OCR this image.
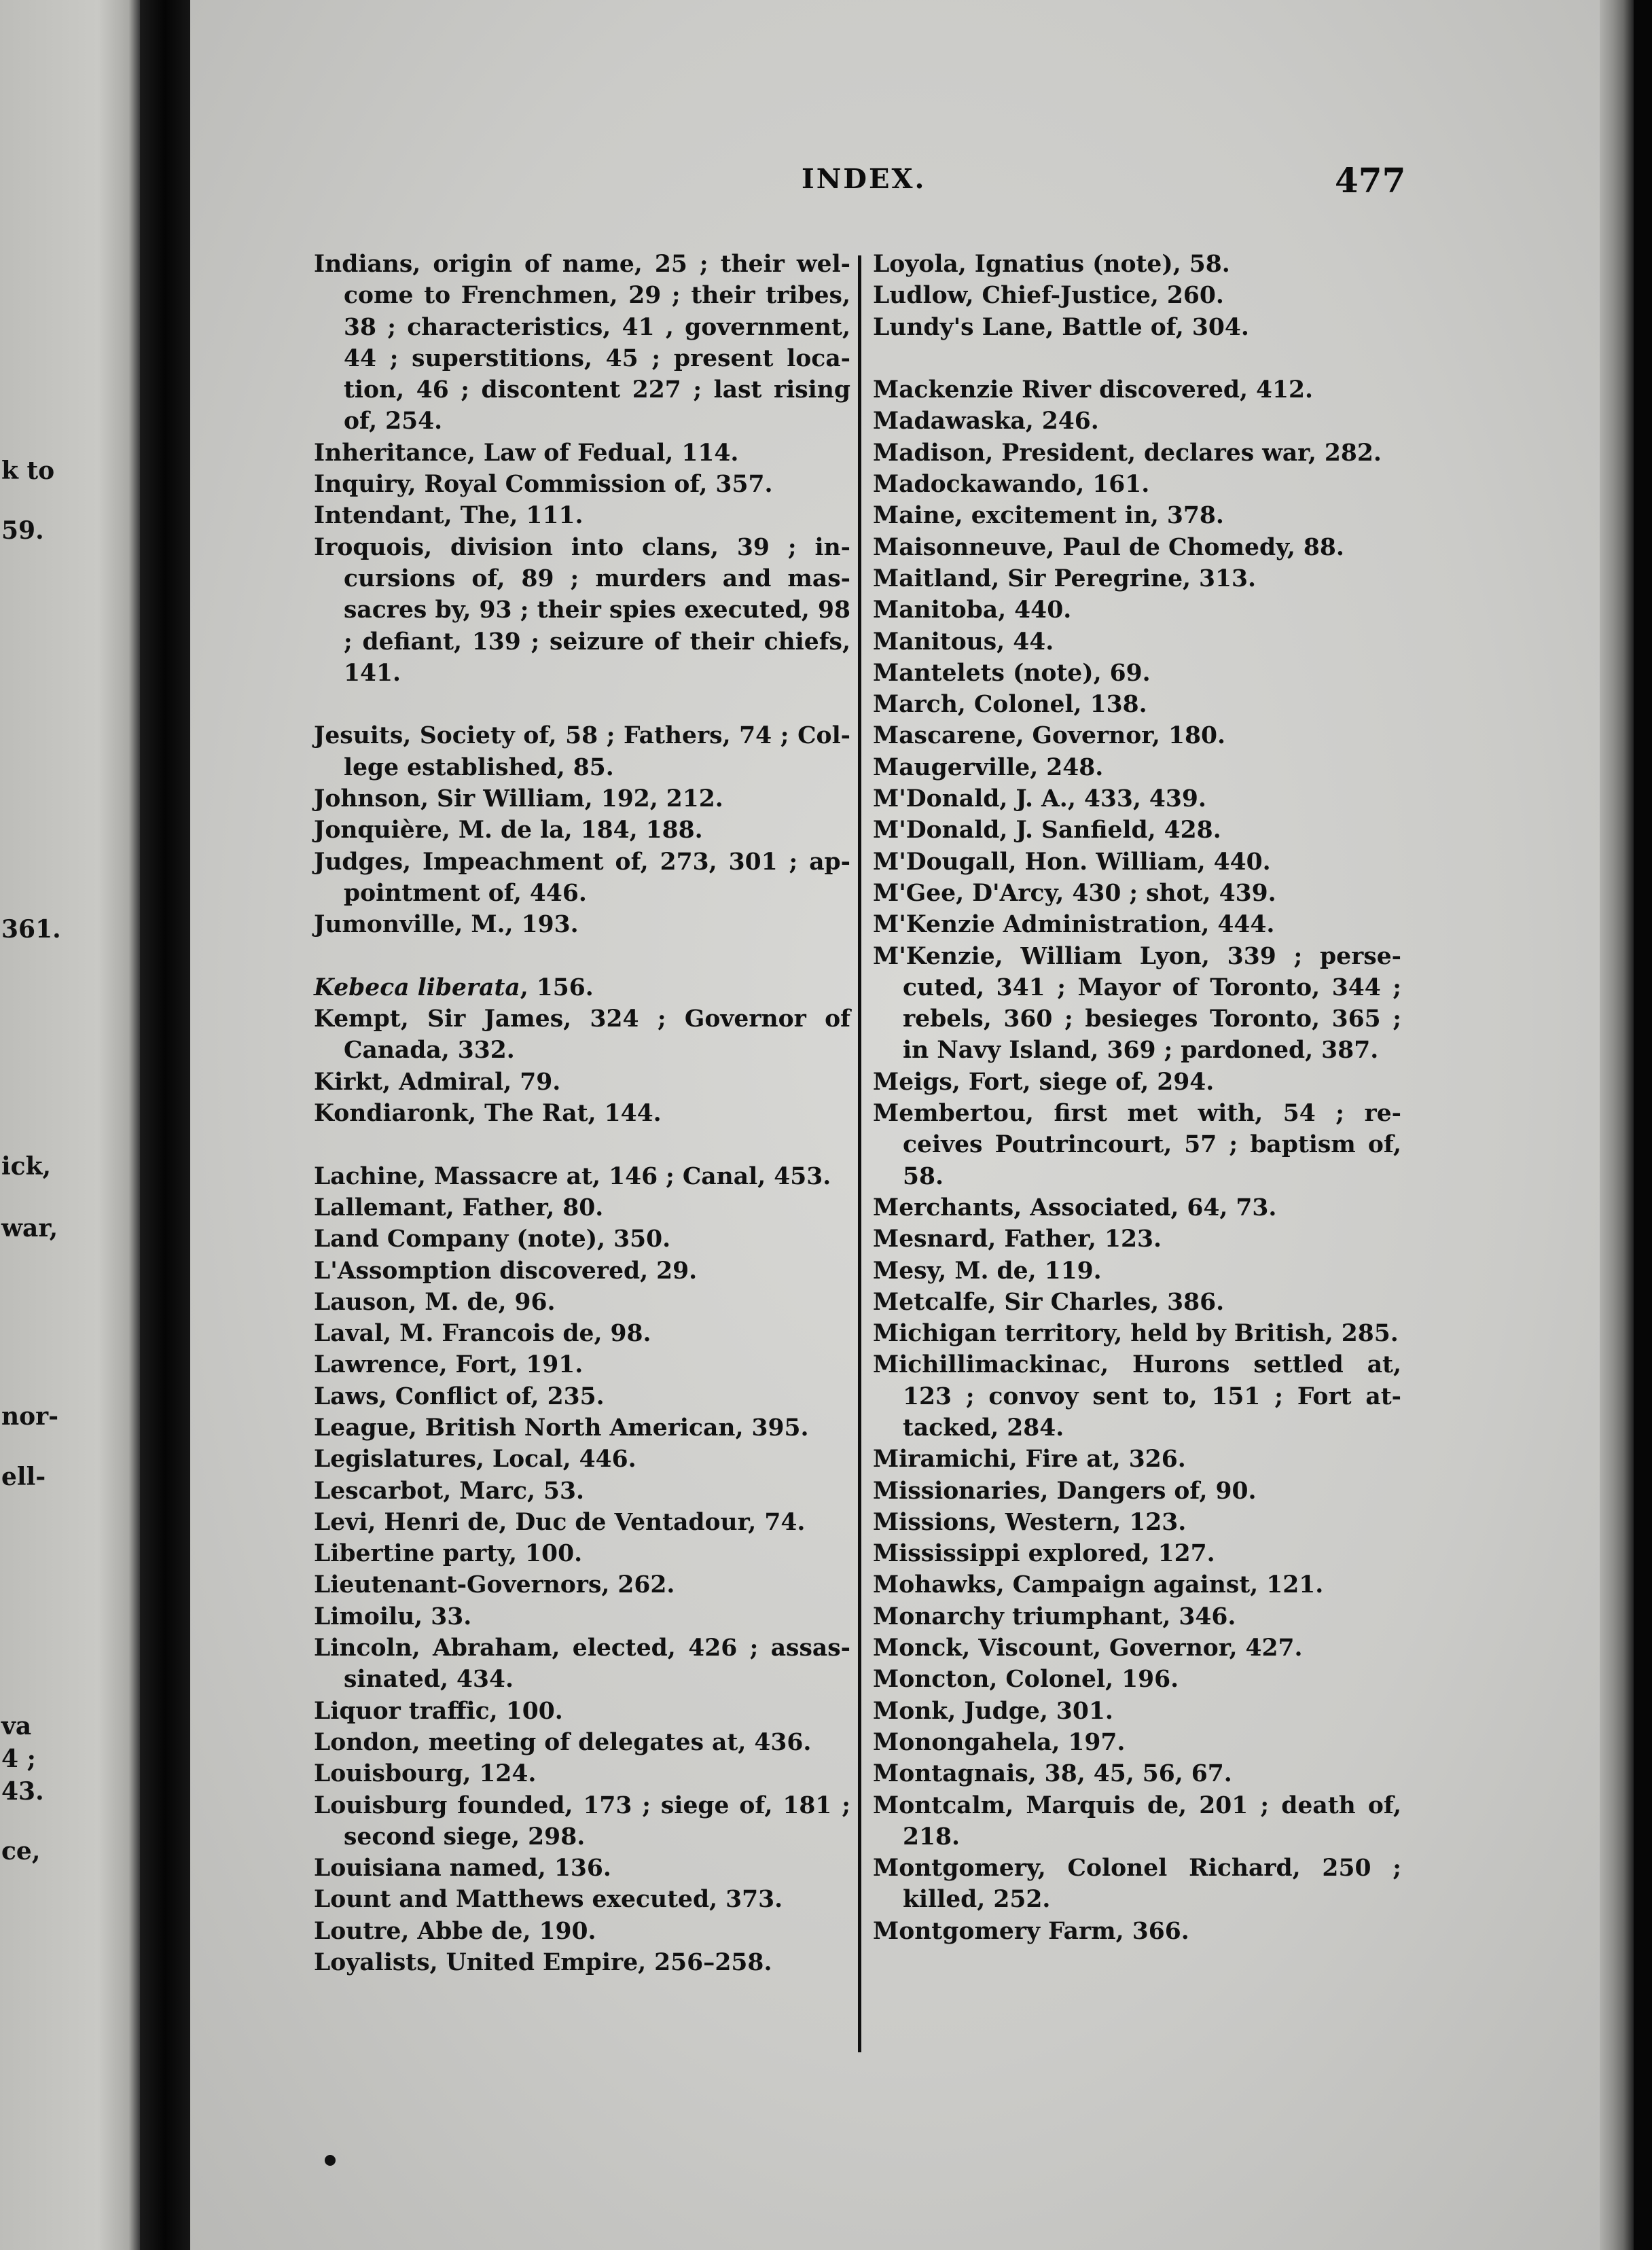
k to
59.
361.
ick,
war,
nor-
ell-
va
4 ;
43.
ce,
INDEX.	477
Indians, origin of name, 25 ; their wel-come to Frenchmen, 29 ; their tribes, 38 ; characteristics, 41 , government, 44 ; superstitions, 45 ; present loca-tion, 46 ; discontent 227 ; last rising of, 254.
Inheritance, Law of Fedual, 114.
Inquiry, Royal Commission of, 357.
Intendant, The, 111.
Iroquois, division into clans, 39 ; in-cursions of, 89 ; murders and mas-sacres by, 93 ; their spies executed, 98 ; defiant, 139 ; seizure of their chiefs, 141.
Jesuits, Society of, 58 ; Fathers, 74 ; Col-lege established, 85.
Johnson, Sir William, 192, 212.
Jonquière, M. de la, 184, 188.
Judges, Impeachment of, 273, 301 ; ap-pointment of, 446.
Jumonville, M., 193.
Kebeca liberata, 156.
Kempt, Sir James, 324 ; Governor of Canada, 332.
Kirkt, Admiral, 79.
Kondiaronk, The Rat, 144.
Lachine, Massacre at, 146 ; Canal, 453.
Lallemant, Father, 80.
Land Company (note), 350.
L'Assomption discovered, 29.
Lauson, M. de, 96.
Laval, M. Francois de, 98.
Lawrence, Fort, 191.
Laws, Conflict of, 235.
League, British North American, 395.
Legislatures, Local, 446.
Lescarbot, Marc, 53.
Levi, Henri de, Duc de Ventadour, 74.
Libertine party, 100.
Lieutenant-Governors, 262.
Limoilu, 33.
Lincoln, Abraham, elected, 426 ; assas-sinated, 434.
Liquor traffic, 100.
London, meeting of delegates at, 436.
Louisbourg, 124.
Louisburg founded, 173 ; siege of, 181 ; second siege, 298.
Louisiana named, 136.
Lount and Matthews executed, 373.
Loutre, Abbe de, 190.
Loyalists, United Empire, 256–258.
Loyola, Ignatius (note), 58.
Ludlow, Chief-Justice, 260.
Lundy's Lane, Battle of, 304.
Mackenzie River discovered, 412.
Madawaska, 246.
Madison, President, declares war, 282.
Madockawando, 161.
Maine, excitement in, 378.
Maisonneuve, Paul de Chomedy, 88.
Maitland, Sir Peregrine, 313.
Manitoba, 440.
Manitous, 44.
Mantelets (note), 69.
March, Colonel, 138.
Mascarene, Governor, 180.
Maugerville, 248.
M'Donald, J. A., 433, 439.
M'Donald, J. Sanfield, 428.
M'Dougall, Hon. William, 440.
M'Gee, D'Arcy, 430 ; shot, 439.
M'Kenzie Administration, 444.
M'Kenzie, William Lyon, 339 ; perse-cuted, 341 ; Mayor of Toronto, 344 ; rebels, 360 ; besieges Toronto, 365 ; in Navy Island, 369 ; pardoned, 387.
Meigs, Fort, siege of, 294.
Membertou, first met with, 54 ; re-ceives Poutrincourt, 57 ; baptism of, 58.
Merchants, Associated, 64, 73.
Mesnard, Father, 123.
Mesy, M. de, 119.
Metcalfe, Sir Charles, 386.
Michigan territory, held by British, 285.
Michillimackinac, Hurons settled at, 123 ; convoy sent to, 151 ; Fort at-tacked, 284.
Miramichi, Fire at, 326.
Missionaries, Dangers of, 90.
Missions, Western, 123.
Mississippi explored, 127.
Mohawks, Campaign against, 121.
Monarchy triumphant, 346.
Monck, Viscount, Governor, 427.
Moncton, Colonel, 196.
Monk, Judge, 301.
Monongahela, 197.
Montagnais, 38, 45, 56, 67.
Montcalm, Marquis de, 201 ; death of, 218.
Montgomery, Colonel Richard, 250 ; killed, 252.
Montgomery Farm, 366.
